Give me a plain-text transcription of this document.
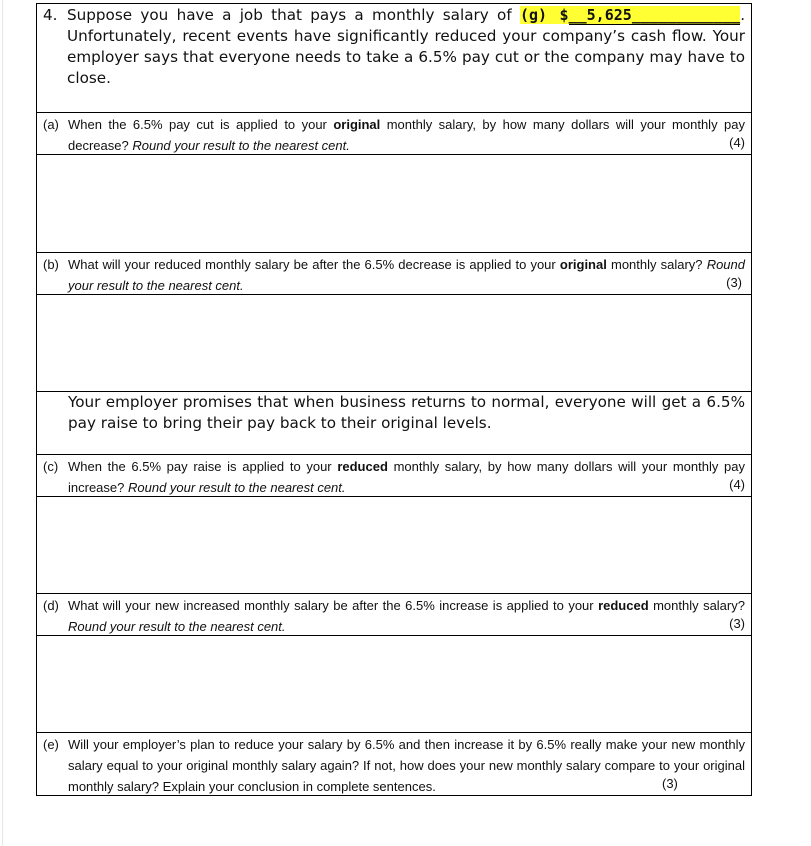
4. Suppose you have a job that pays a monthly salary of (g) $__5,625____________. Unfortunately, recent events have significantly reduced your company’s cash flow. Your employer says that everyone needs to take a 6.5% pay cut or the company may have to close.
(a) When the 6.5% pay cut is applied to your original monthly salary, by how many dollars will your monthly pay decrease? Round your result to the nearest cent.	(4)
(b) What will your reduced monthly salary be after the 6.5% decrease is applied to your original monthly salary? Round your result to the nearest cent.	(3)
Your employer promises that when business returns to normal, everyone will get a 6.5% pay raise to bring their pay back to their original levels.
(c) When the 6.5% pay raise is applied to your reduced monthly salary, by how many dollars will your monthly pay increase? Round your result to the nearest cent.	(4)
(d) What will your new increased monthly salary be after the 6.5% increase is applied to your reduced monthly salary? Round your result to the nearest cent.	(3)
(e) Will your employer’s plan to reduce your salary by 6.5% and then increase it by 6.5% really make your new monthly salary equal to your original monthly salary again? If not, how does your new monthly salary compare to your original monthly salary? Explain your conclusion in complete sentences.	(3)
